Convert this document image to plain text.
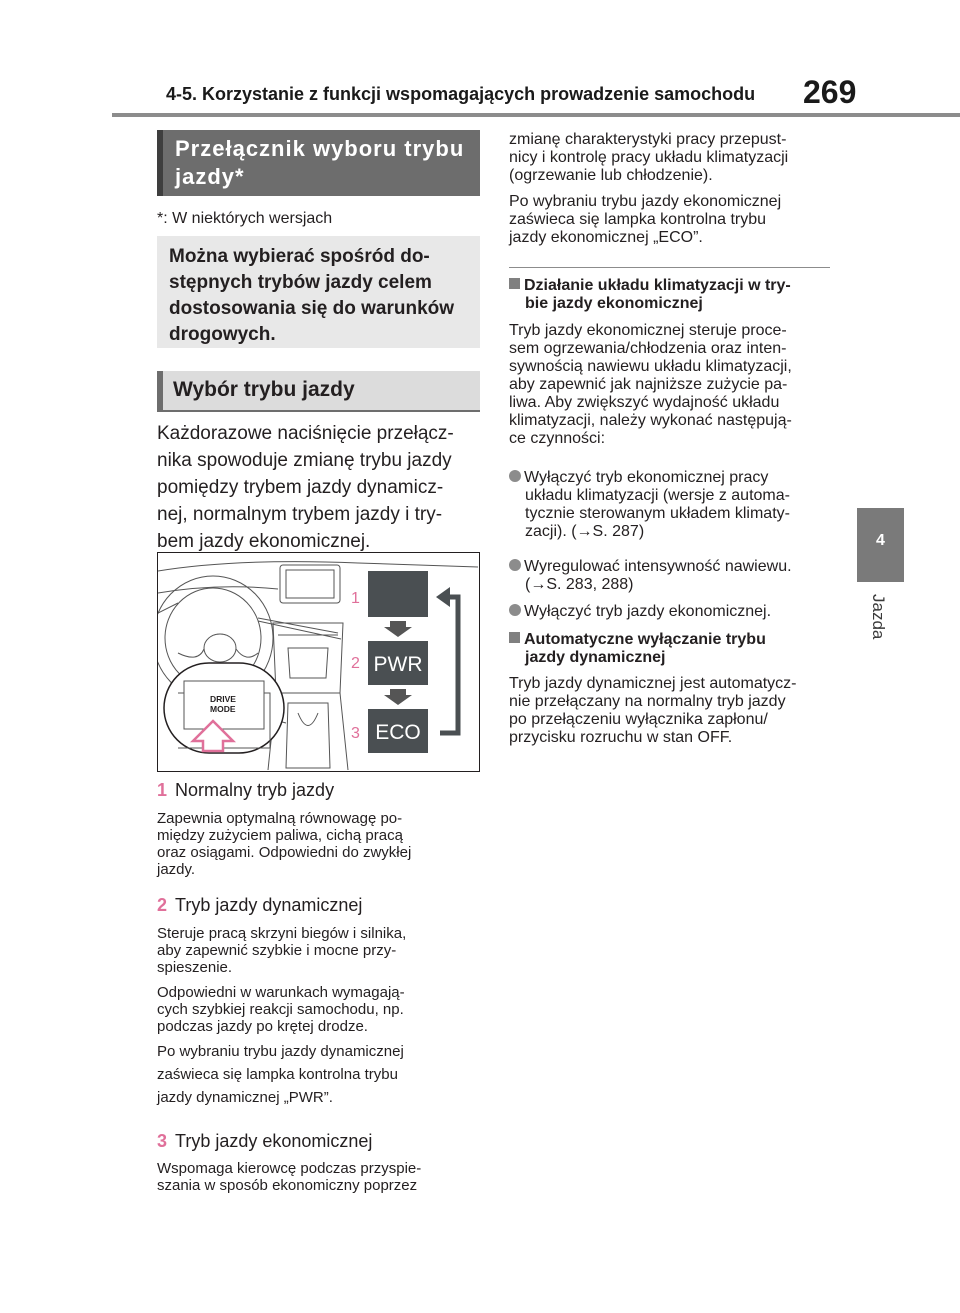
4-5. Korzystanie z funkcji wspomagających prowadzenie samochodu 269
4
Jazda
Przełącznik wyboru trybu
jazdy*
*: W niektórych wersjach
Można wybierać spośród do-
stępnych trybów jazdy celem
dostosowania się do warunków
drogowych.
Wybór trybu jazdy
Każdorazowe naciśnięcie przełącz-
nika spowoduje zmianę trybu jazdy
pomiędzy trybem jazdy dynamicz-
nej, normalnym trybem jazdy i try-
bem jazdy ekonomicznej.
DRIVE
MODE
1
2
3
PWR
ECO
1 Normalny tryb jazdy
Zapewnia optymalną równowagę po-
między zużyciem paliwa, cichą pracą
oraz osiągami. Odpowiedni do zwykłej
jazdy.
2 Tryb jazdy dynamicznej
Steruje pracą skrzyni biegów i silnika,
aby zapewnić szybkie i mocne przy-
spieszenie.
Odpowiedni w warunkach wymagają-
cych szybkiej reakcji samochodu, np.
podczas jazdy po krętej drodze.
Po wybraniu trybu jazdy dynamicznej
zaświeca się lampka kontrolna trybu
jazdy dynamicznej „PWR”.
3 Tryb jazdy ekonomicznej
Wspomaga kierowcę podczas przyspie-
szania w sposób ekonomiczny poprzez
zmianę charakterystyki pracy przepust-
nicy i kontrolę pracy układu klimatyzacji
(ogrzewanie lub chłodzenie).
Po wybraniu trybu jazdy ekonomicznej
zaświeca się lampka kontrolna trybu
jazdy ekonomicznej „ECO”.
Działanie układu klimatyzacji w try-
bie jazdy ekonomicznej
Tryb jazdy ekonomicznej steruje proce-
sem ogrzewania/chłodzenia oraz inten-
sywnością nawiewu układu klimatyzacji,
aby zapewnić jak najniższe zużycie pa-
liwa. Aby zwiększyć wydajność układu
klimatyzacji, należy wykonać następują-
ce czynności:
Wyłączyć tryb ekonomicznej pracy
układu klimatyzacji (wersje z automa-
tycznie sterowanym układem klimaty-
zacji). (→S. 287)
Wyregulować intensywność nawiewu.
(→S. 283, 288)
Wyłączyć tryb jazdy ekonomicznej.
Automatyczne wyłączanie trybu
jazdy dynamicznej
Tryb jazdy dynamicznej jest automatycz-
nie przełączany na normalny tryb jazdy
po przełączeniu wyłącznika zapłonu/
przycisku rozruchu w stan OFF.
